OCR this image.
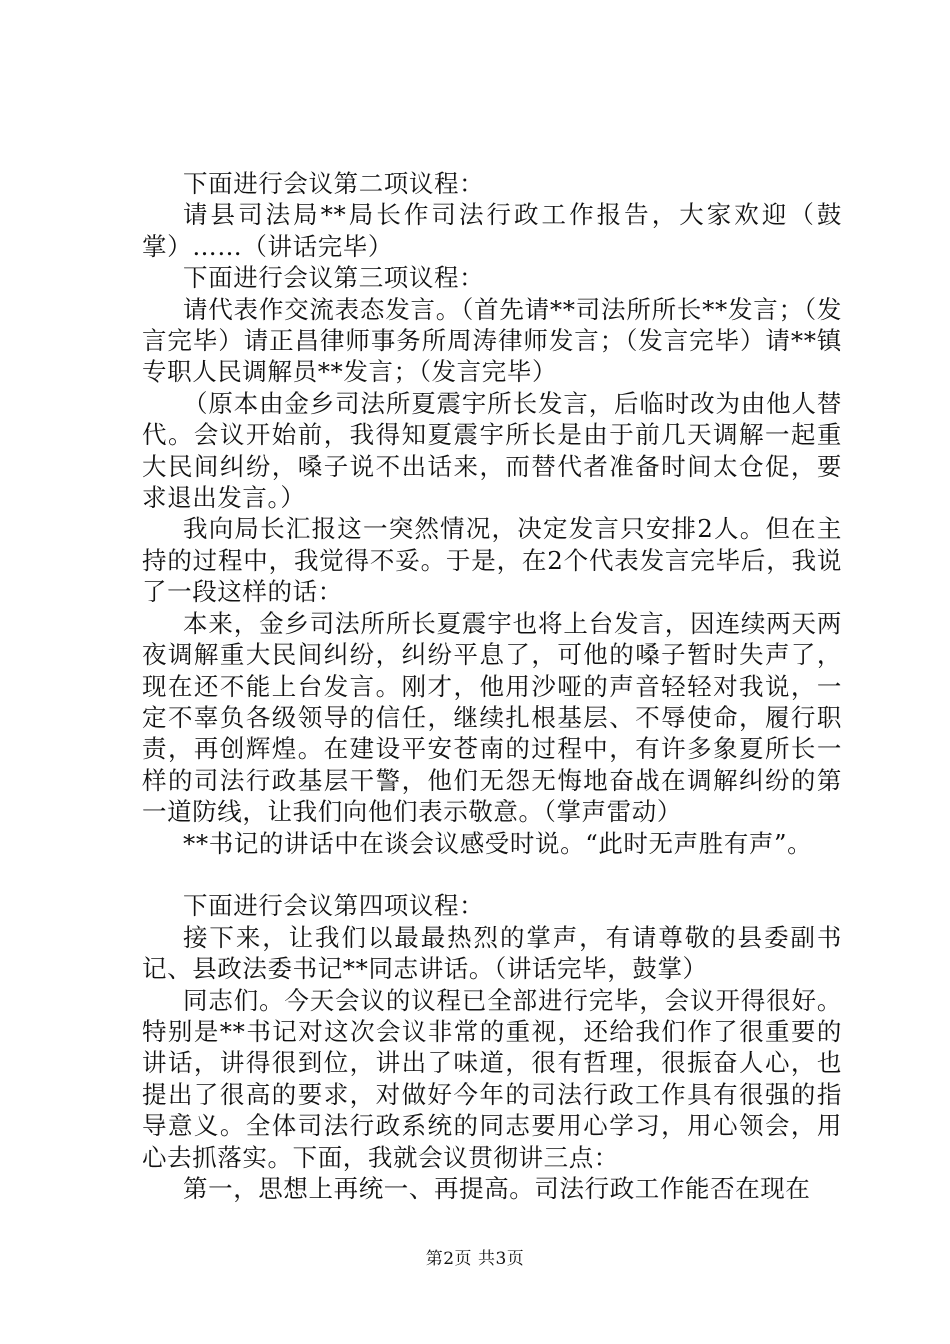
下面进行会议第二项议程：

请县司法局**局长作司法行政工作报告，大家欢迎（鼓掌）……（讲话完毕）

下面进行会议第三项议程：

请代表作交流表态发言。（首先请**司法所所长**发言；（发言完毕）请正昌律师事务所周涛律师发言；（发言完毕）请**镇专职人民调解员**发言；（发言完毕）

（原本由金乡司法所夏震宇所长发言，后临时改为由他人替代。会议开始前，我得知夏震宇所长是由于前几天调解一起重大民间纠纷，嗓子说不出话来，而替代者准备时间太仓促，要求退出发言。）

我向局长汇报这一突然情况，决定发言只安排2人。但在主持的过程中，我觉得不妥。于是，在2个代表发言完毕后，我说了一段这样的话：

本来，金乡司法所所长夏震宇也将上台发言，因连续两天两夜调解重大民间纠纷，纠纷平息了，可他的嗓子暂时失声了，现在还不能上台发言。刚才，他用沙哑的声音轻轻对我说，一定不辜负各级领导的信任，继续扎根基层、不辱使命，履行职责，再创辉煌。在建设平安苍南的过程中，有许多象夏所长一样的司法行政基层干警，他们无怨无悔地奋战在调解纠纷的第一道防线，让我们向他们表示敬意。（掌声雷动）

**书记的讲话中在谈会议感受时说。“此时无声胜有声”。

下面进行会议第四项议程：

接下来，让我们以最最热烈的掌声，有请尊敬的县委副书记、县政法委书记**同志讲话。（讲话完毕，鼓掌）

同志们。今天会议的议程已全部进行完毕，会议开得很好。特别是**书记对这次会议非常的重视，还给我们作了很重要的讲话，讲得很到位，讲出了味道，很有哲理，很振奋人心，也提出了很高的要求，对做好今年的司法行政工作具有很强的指导意义。全体司法行政系统的同志要用心学习，用心领会，用心去抓落实。下面，我就会议贯彻讲三点：

第一，思想上再统一、再提高。司法行政工作能否在现在

第2页 共3页
